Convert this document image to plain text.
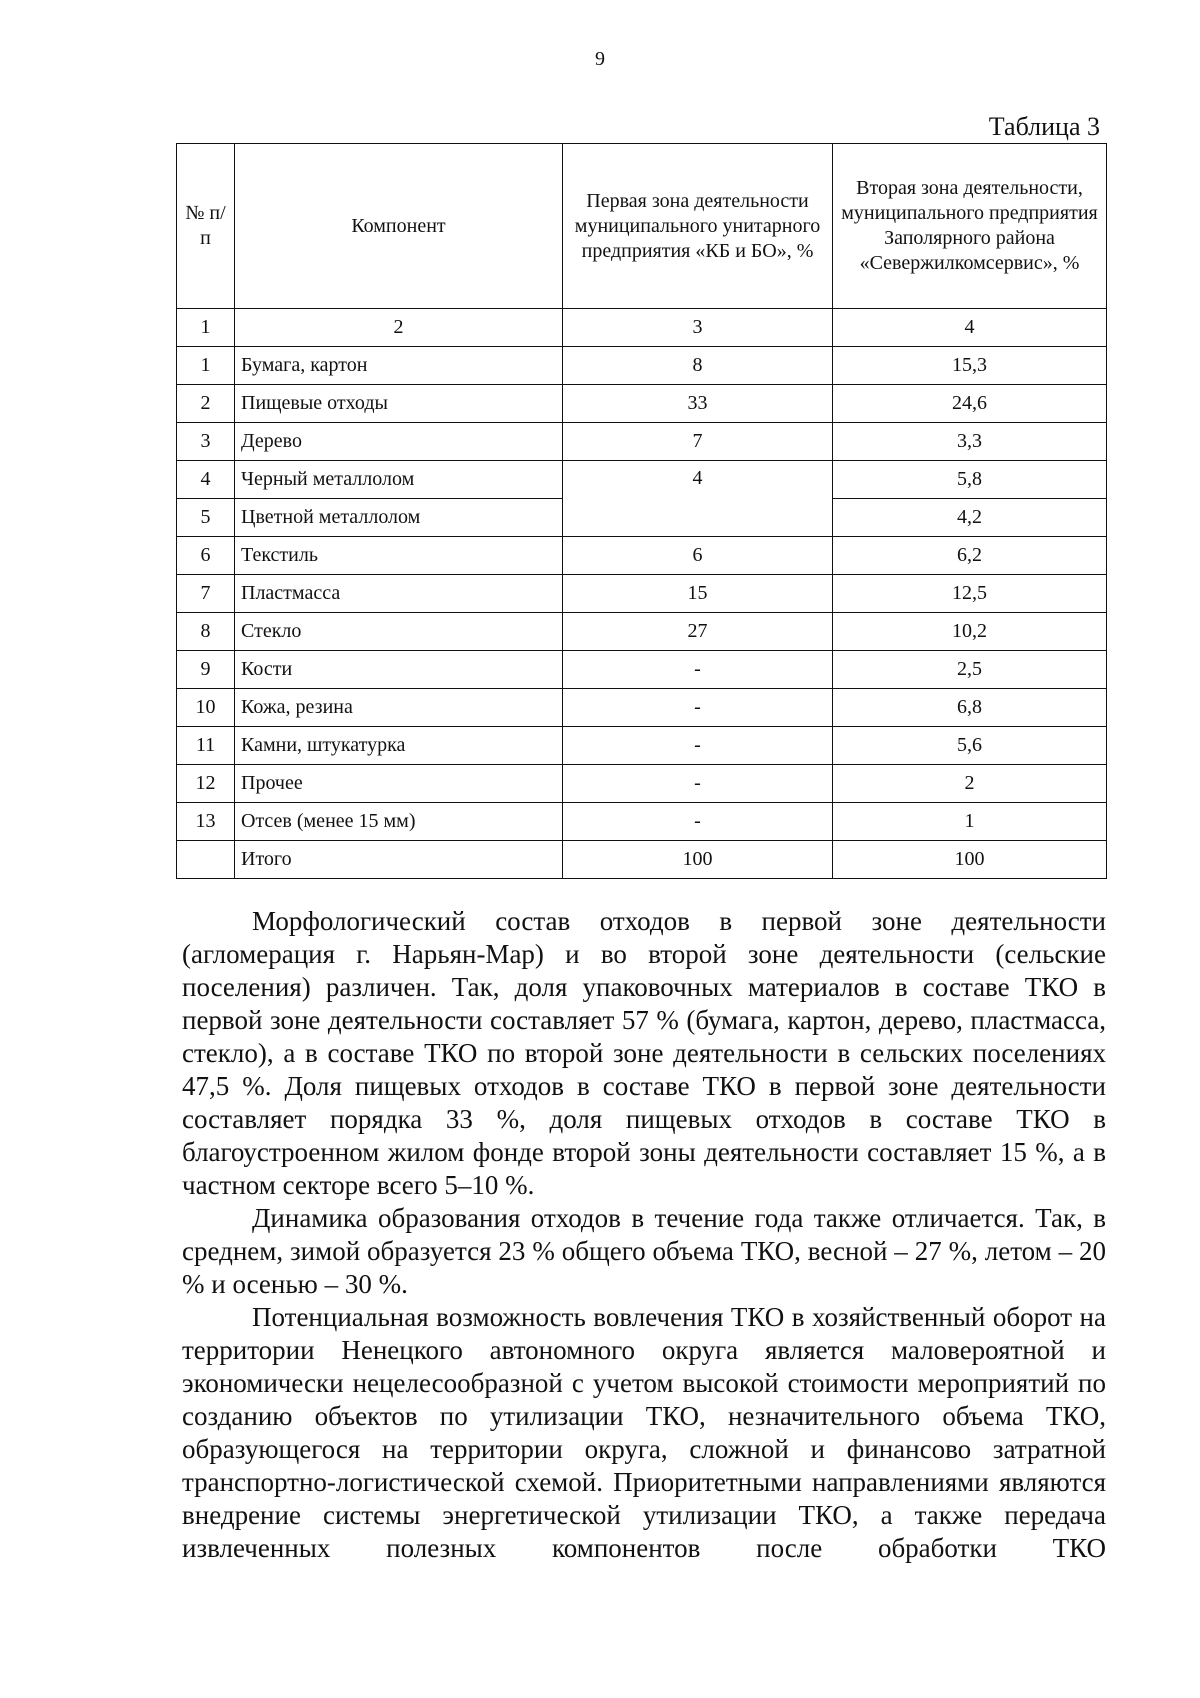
9
Таблица 3
№ п/п	Компонент	Первая зона деятельности муниципального унитарного предприятия «КБ и БО», %	Вторая зона деятельности, муниципального предприятия Заполярного района «Севержилкомсервис», %
1	2	3	4
1	Бумага, картон	8	15,3
2	Пищевые отходы	33	24,6
3	Дерево	7	3,3
4	Черный металлолом	4	5,8
5	Цветной металлолом		4,2
6	Текстиль	6	6,2
7	Пластмасса	15	12,5
8	Стекло	27	10,2
9	Кости	-	2,5
10	Кожа, резина	-	6,8
11	Камни, штукатурка	-	5,6
12	Прочее	-	2
13	Отсев (менее 15 мм)	-	1
	Итого	100	100

Морфологический состав отходов в первой зоне деятельности (агломерация г. Нарьян-Мар) и во второй зоне деятельности (сельские поселения) различен. Так, доля упаковочных материалов в составе ТКО в первой зоне деятельности составляет 57 % (бумага, картон, дерево, пластмасса, стекло), а в составе ТКО по второй зоне деятельности в сельских поселениях 47,5 %. Доля пищевых отходов в составе ТКО в первой зоне деятельности составляет порядка 33 %, доля пищевых отходов в составе ТКО в благоустроенном жилом фонде второй зоны деятельности составляет 15 %, а в частном секторе всего 5–10 %.

Динамика образования отходов в течение года также отличается. Так, в среднем, зимой образуется 23 % общего объема ТКО, весной – 27 %, летом – 20 % и осенью – 30 %.

Потенциальная возможность вовлечения ТКО в хозяйственный оборот на территории Ненецкого автономного округа является маловероятной и экономически нецелесообразной с учетом высокой стоимости мероприятий по созданию объектов по утилизации ТКО, незначительного объема ТКО, образующегося на территории округа, сложной и финансово затратной транспортно-логистической схемой. Приоритетными направлениями являются внедрение системы энергетической утилизации ТКО, а также передача извлеченных полезных компонентов после обработки ТКО
